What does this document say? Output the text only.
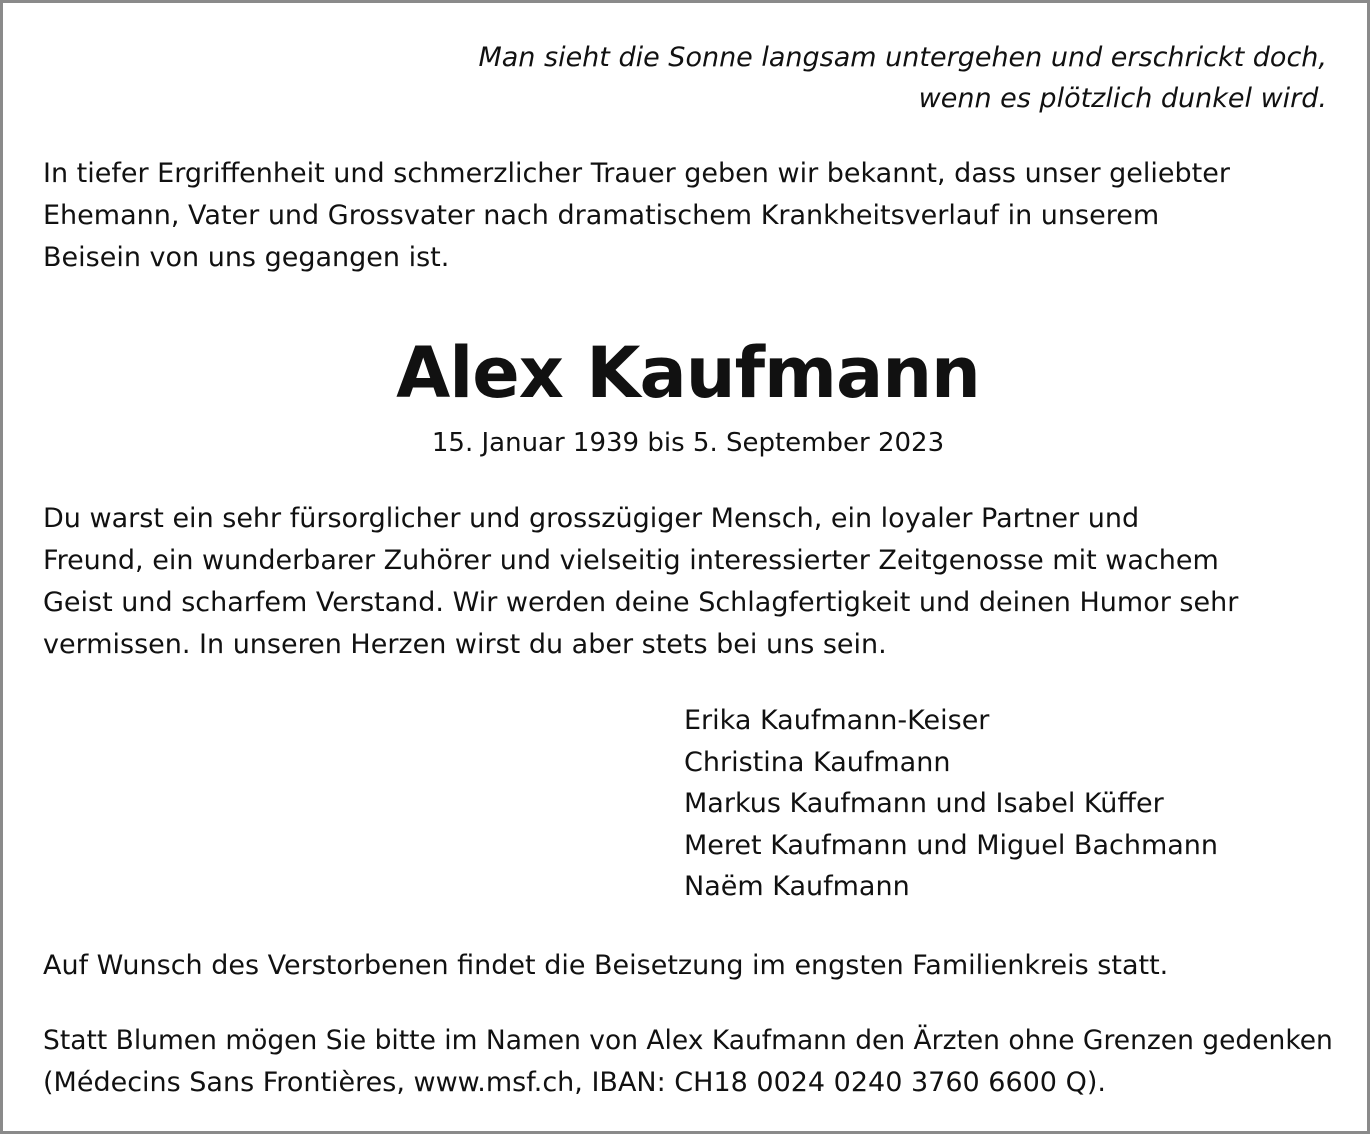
Man sieht die Sonne langsam untergehen und erschrickt doch,
wenn es plötzlich dunkel wird.
In tiefer Ergriffenheit und schmerzlicher Trauer geben wir bekannt, dass unser geliebter
Ehemann, Vater und Grossvater nach dramatischem Krankheitsverlauf in unserem
Beisein von uns gegangen ist.
Alex Kaufmann
15. Januar 1939 bis 5. September 2023
Du warst ein sehr fürsorglicher und grosszügiger Mensch, ein loyaler Partner und
Freund, ein wunderbarer Zuhörer und vielseitig interessierter Zeitgenosse mit wachem
Geist und scharfem Verstand. Wir werden deine Schlagfertigkeit und deinen Humor sehr
vermissen. In unseren Herzen wirst du aber stets bei uns sein.
Erika Kaufmann-Keiser
Christina Kaufmann
Markus Kaufmann und Isabel Küffer
Meret Kaufmann und Miguel Bachmann
Naëm Kaufmann
Auf Wunsch des Verstorbenen findet die Beisetzung im engsten Familienkreis statt.
Statt Blumen mögen Sie bitte im Namen von Alex Kaufmann den Ärzten ohne Grenzen gedenken
(Médecins Sans Frontières, www.msf.ch, IBAN: CH18 0024 0240 3760 6600 Q).
